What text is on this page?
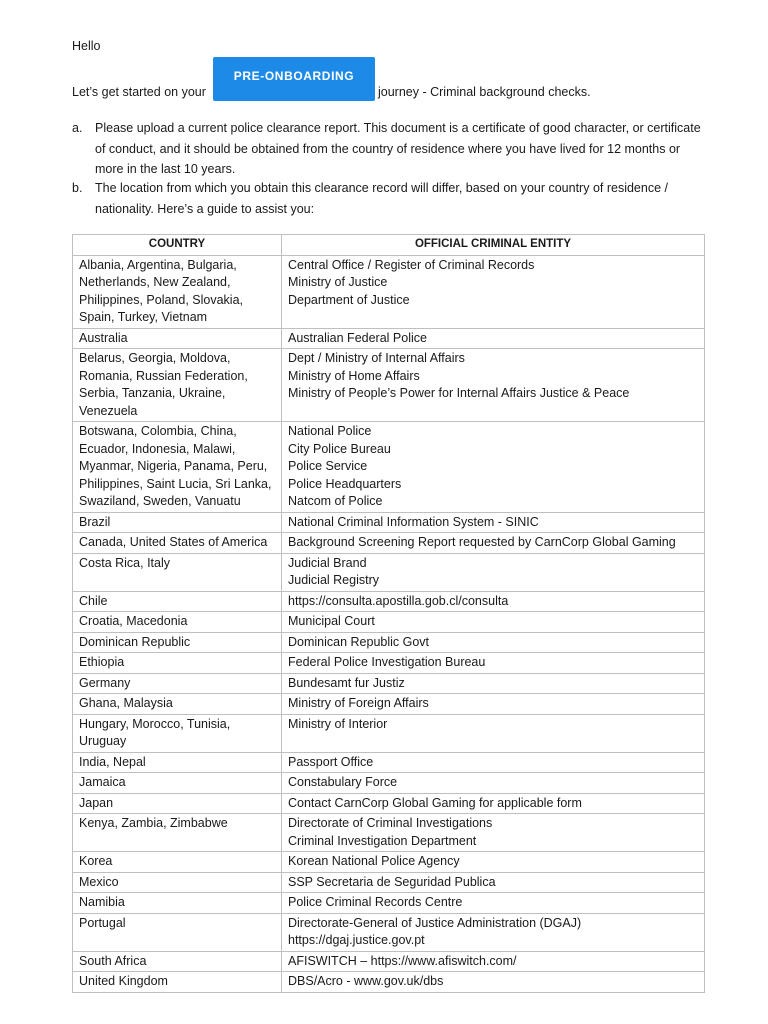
Hello
Let’s get started on your
PRE-ONBOARDING
journey - Criminal background checks.
a. Please upload a current police clearance report. This document is a certificate of good character, or certificate of conduct, and it should be obtained from the country of residence where you have lived for 12 months or more in the last 10 years.
b. The location from which you obtain this clearance record will differ, based on your country of residence / nationality. Here’s a guide to assist you:
COUNTRY	OFFICIAL CRIMINAL ENTITY
Albania, Argentina, Bulgaria, Netherlands, New Zealand, Philippines, Poland, Slovakia, Spain, Turkey, Vietnam	Central Office / Register of Criminal Records
Ministry of Justice
Department of Justice

Australia	Australian Federal Police

Belarus, Georgia, Moldova, Romania, Russian Federation, Serbia, Tanzania, Ukraine, Venezuela	Dept / Ministry of Internal Affairs
Ministry of Home Affairs
Ministry of People’s Power for Internal Affairs Justice & Peace

Botswana, Colombia, China, Ecuador, Indonesia, Malawi, Myanmar, Nigeria, Panama, Peru, Philippines, Saint Lucia, Sri Lanka, Swaziland, Sweden, Vanuatu	National Police
City Police Bureau
Police Service
Police Headquarters
Natcom of Police

Brazil	National Criminal Information System - SINIC

Canada, United States of America	Background Screening Report requested by CarnCorp Global Gaming

Costa Rica, Italy	Judicial Brand
Judicial Registry

Chile	https://consulta.apostilla.gob.cl/consulta

Croatia, Macedonia	Municipal Court

Dominican Republic	Dominican Republic Govt

Ethiopia	Federal Police Investigation Bureau

Germany	Bundesamt fur Justiz

Ghana, Malaysia	Ministry of Foreign Affairs

Hungary, Morocco, Tunisia, Uruguay	Ministry of Interior

India, Nepal	Passport Office

Jamaica	Constabulary Force

Japan	Contact CarnCorp Global Gaming for applicable form

Kenya, Zambia, Zimbabwe	Directorate of Criminal Investigations
Criminal Investigation Department

Korea	Korean National Police Agency

Mexico	SSP Secretaria de Seguridad Publica

Namibia	Police Criminal Records Centre

Portugal	Directorate-General of Justice Administration (DGAJ)
https://dgaj.justice.gov.pt

South Africa	AFISWITCH – https://www.afiswitch.com/

United Kingdom	DBS/Acro - www.gov.uk/dbs
